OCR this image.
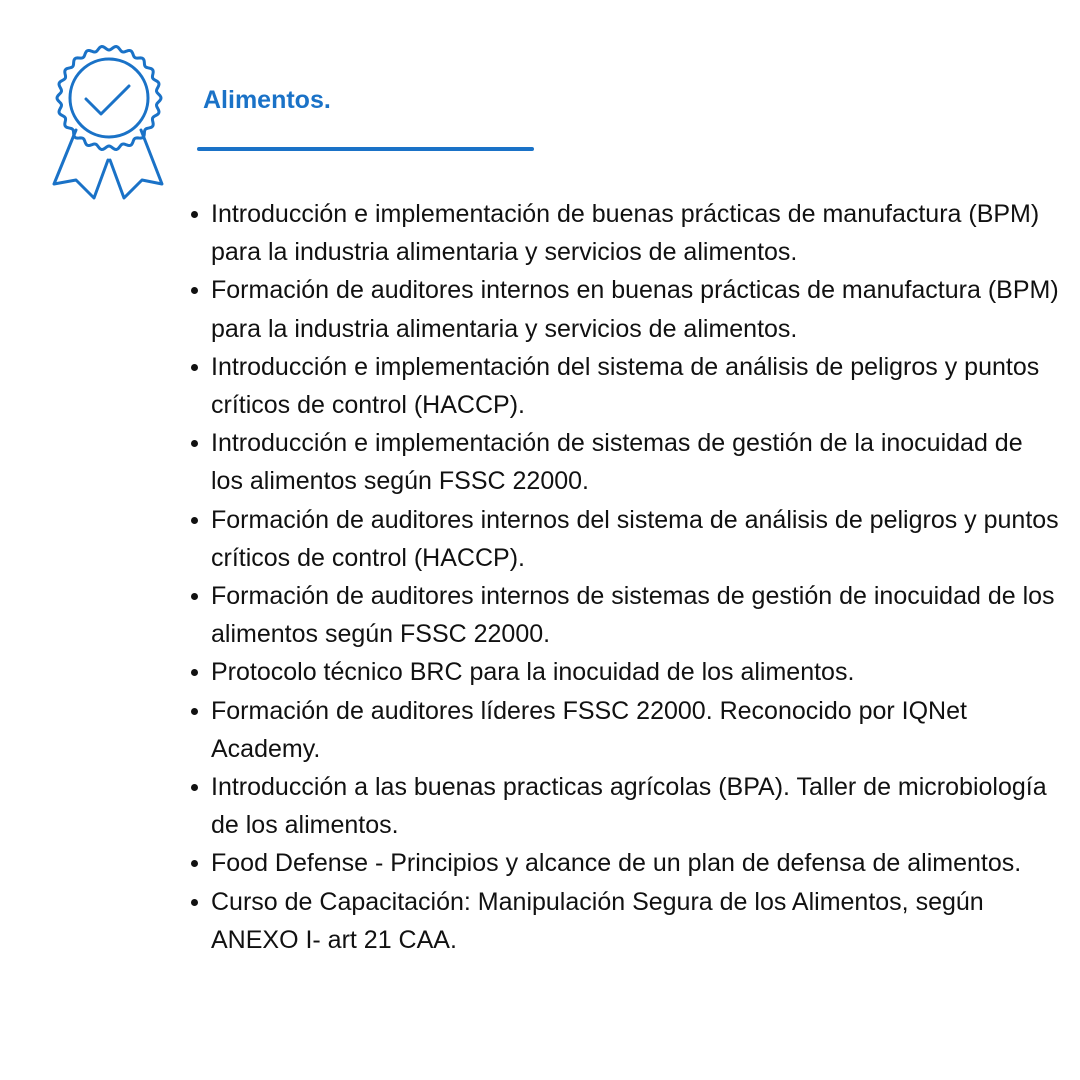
Alimentos.
Introducción e implementación de buenas prácticas de manufactura (BPM) para la industria alimentaria y servicios de alimentos.
Formación de auditores internos en buenas prácticas de manufactura (BPM) para la industria alimentaria y servicios de alimentos.
Introducción e implementación del sistema de análisis de peligros y puntos críticos de control (HACCP).
Introducción e implementación de sistemas de gestión de la inocuidad de los alimentos según FSSC 22000.
Formación de auditores internos del sistema de análisis de peligros y puntos críticos de control (HACCP).
Formación de auditores internos de sistemas de gestión de inocuidad de los alimentos según FSSC 22000.
Protocolo técnico BRC para la inocuidad de los alimentos.
Formación de auditores líderes FSSC 22000. Reconocido por IQNet Academy.
Introducción a las buenas practicas agrícolas (BPA). Taller de microbiología de los alimentos.
Food Defense - Principios y alcance de un plan de defensa de alimentos.
Curso de Capacitación: Manipulación Segura de los Alimentos, según ANEXO I- art 21 CAA.
